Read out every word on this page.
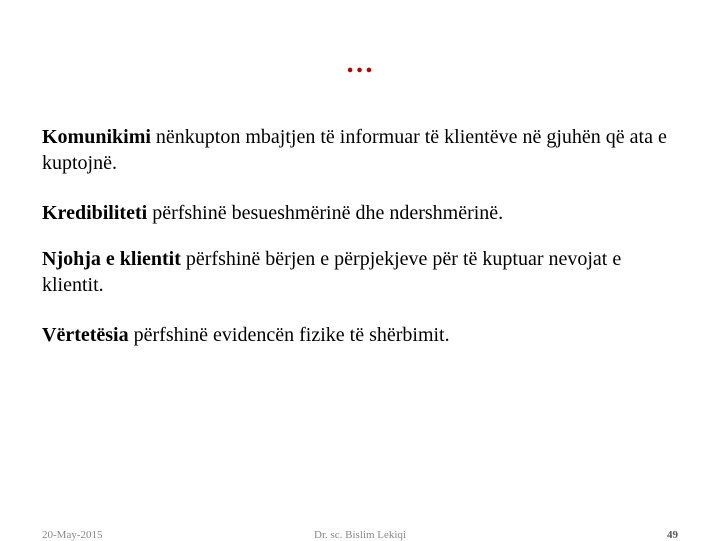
…

Komunikimi nënkupton mbajtjen të informuar të klientëve në gjuhën që ata e kuptojnë.

Kredibiliteti përfshinë besueshmërinë dhe ndershmërinë.

Njohja e klientit përfshinë bërjen e përpjekjeve për të kuptuar nevojat e klientit.

Vërtetësia përfshinë evidencën fizike të shërbimit.

20-May-2015	Dr. sc. Bislim Lekiqi	49
